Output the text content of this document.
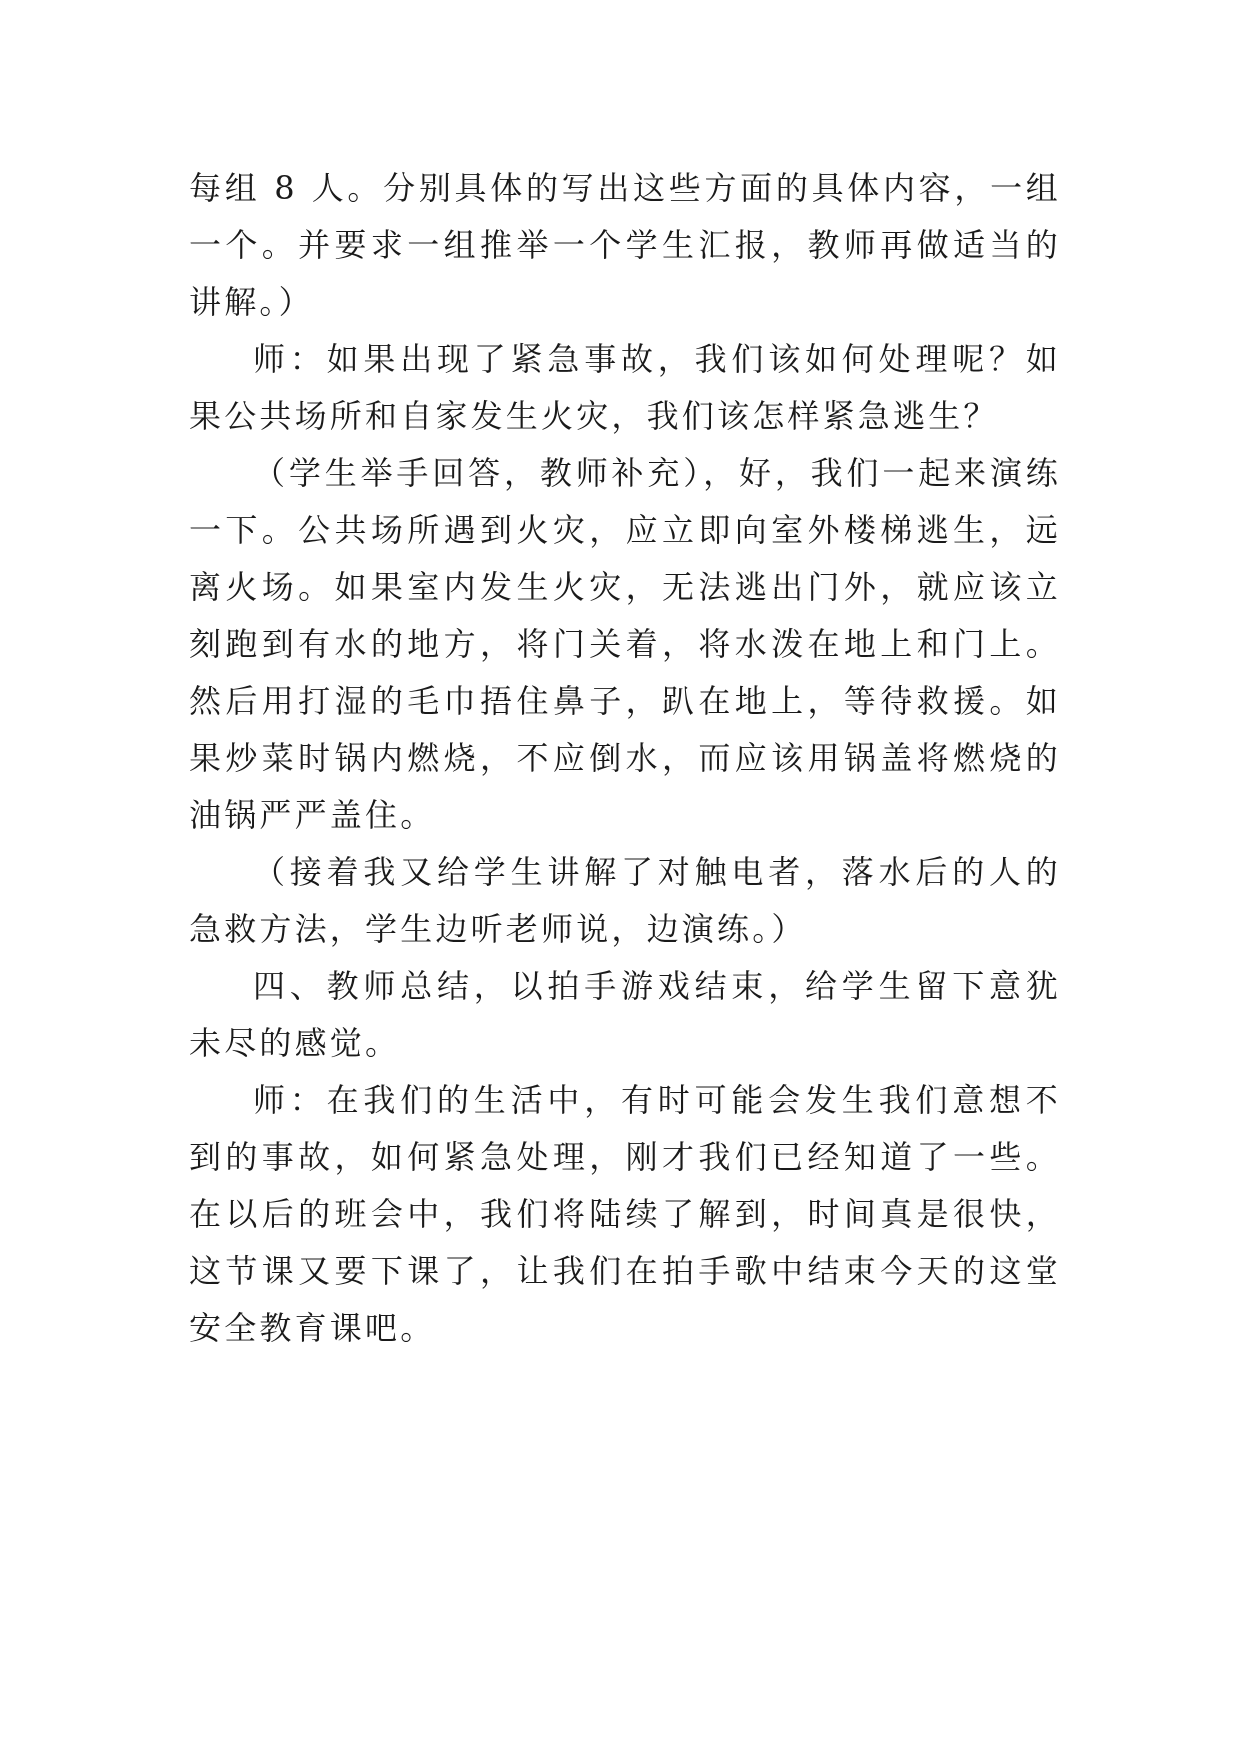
每组 8 人。分别具体的写出这些方面的具体内容，一组一个。并要求一组推举一个学生汇报，教师再做适当的讲解。）

师：如果出现了紧急事故，我们该如何处理呢？如果公共场所和自家发生火灾，我们该怎样紧急逃生？

（学生举手回答，教师补充），好，我们一起来演练一下。公共场所遇到火灾，应立即向室外楼梯逃生，远离火场。如果室内发生火灾，无法逃出门外，就应该立刻跑到有水的地方，将门关着，将水泼在地上和门上。然后用打湿的毛巾捂住鼻子，趴在地上，等待救援。如果炒菜时锅内燃烧，不应倒水，而应该用锅盖将燃烧的油锅严严盖住。

（接着我又给学生讲解了对触电者，落水后的人的急救方法，学生边听老师说，边演练。）

四、教师总结，以拍手游戏结束，给学生留下意犹未尽的感觉。

师：在我们的生活中，有时可能会发生我们意想不到的事故，如何紧急处理，刚才我们已经知道了一些。在以后的班会中，我们将陆续了解到，时间真是很快，这节课又要下课了，让我们在拍手歌中结束今天的这堂安全教育课吧。
